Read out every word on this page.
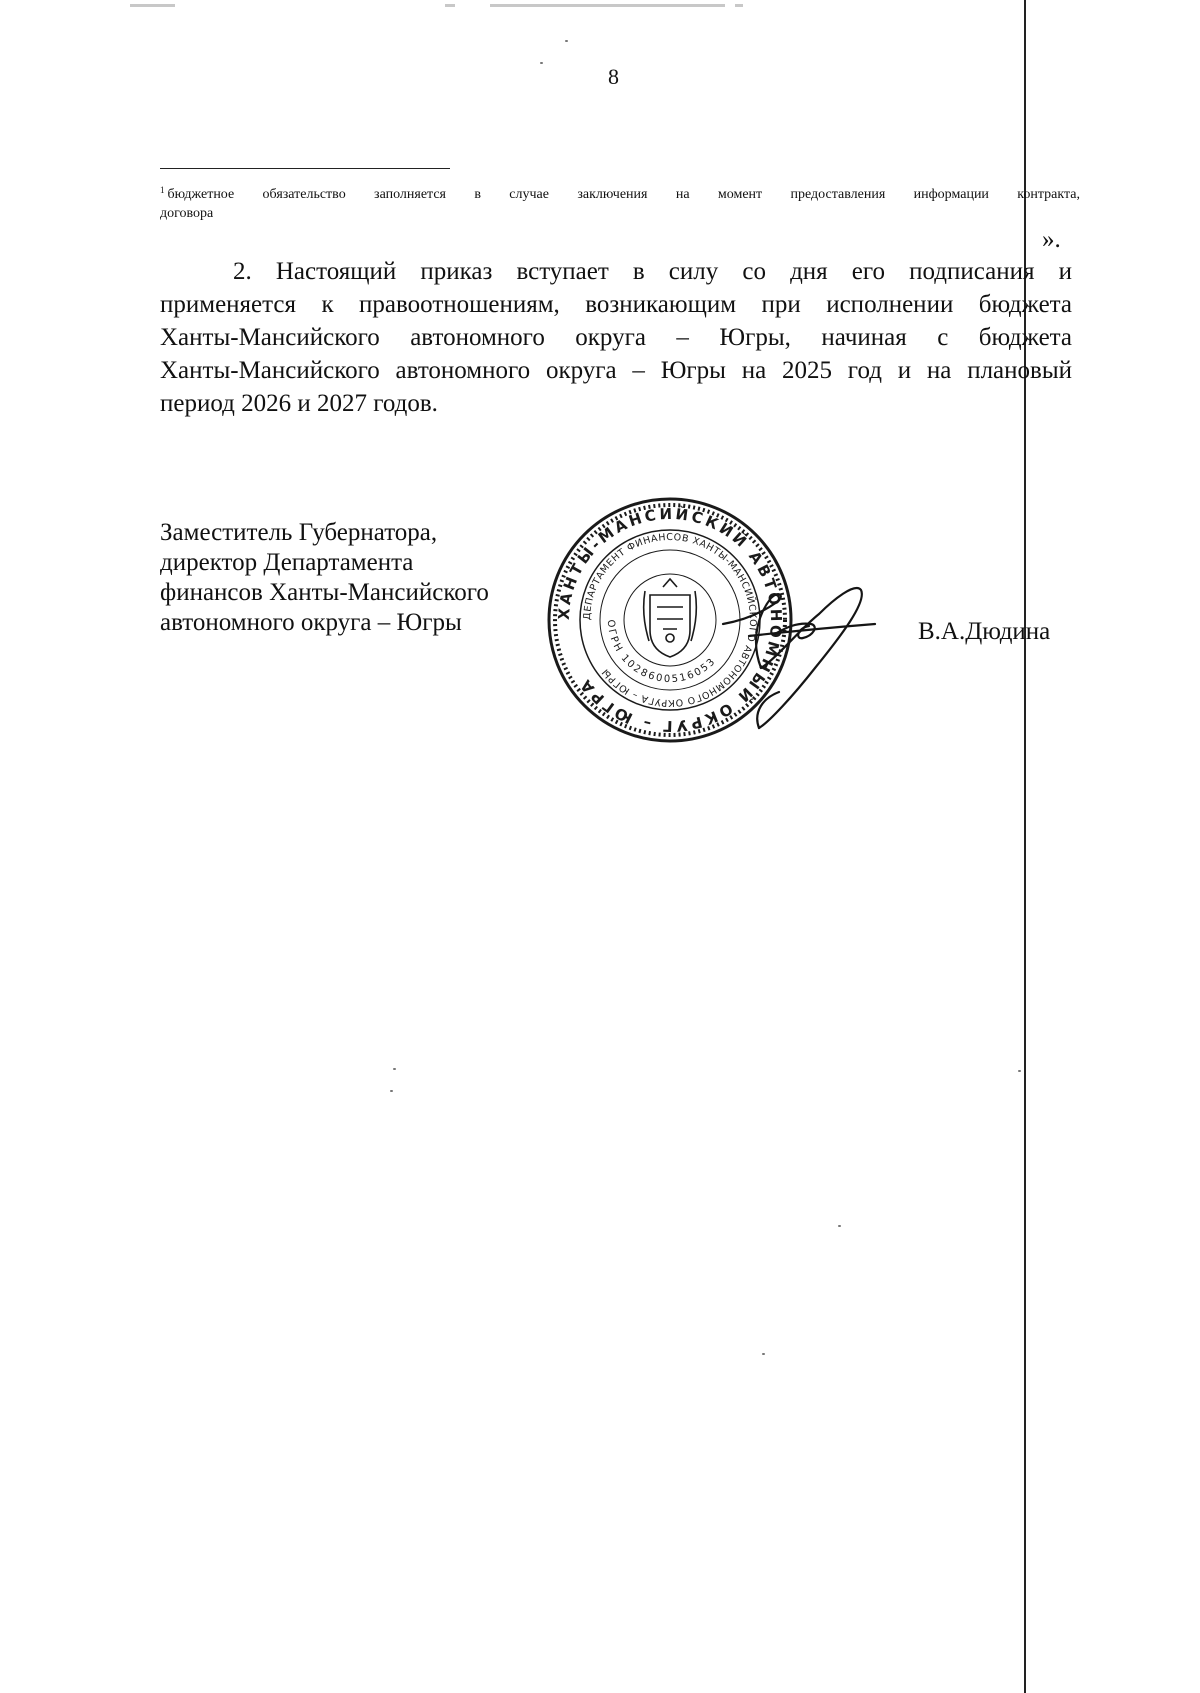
8
$^1$ бюджетное обязательство заполняется в случае заключения на момент предоставления информации контракта,
договора
».

2. Настоящий приказ вступает в силу со дня его подписания и
применяется к правоотношениям, возникающим при исполнении бюджета
Ханты-Мансийского автономного округа – Югры, начиная с бюджета
Ханты-Мансийского автономного округа – Югры на 2025 год и на плановый
период 2026 и 2027 годов.

Заместитель Губернатора,
директор Департамента
финансов Ханты-Мансийского
автономного округа – Югры	ХАНТЫ-МАНСИЙСКИЙ АВТОНОМНЫЙ ОКРУГ – ЮГРА
ДЕПАРТАМЕНТ ФИНАНСОВ ХАНТЫ-МАНСИЙСКОГО АВТОНОМНОГО ОКРУГА – ЮГРЫ
ОГРН 1028600516053
В.А.Дюдина
